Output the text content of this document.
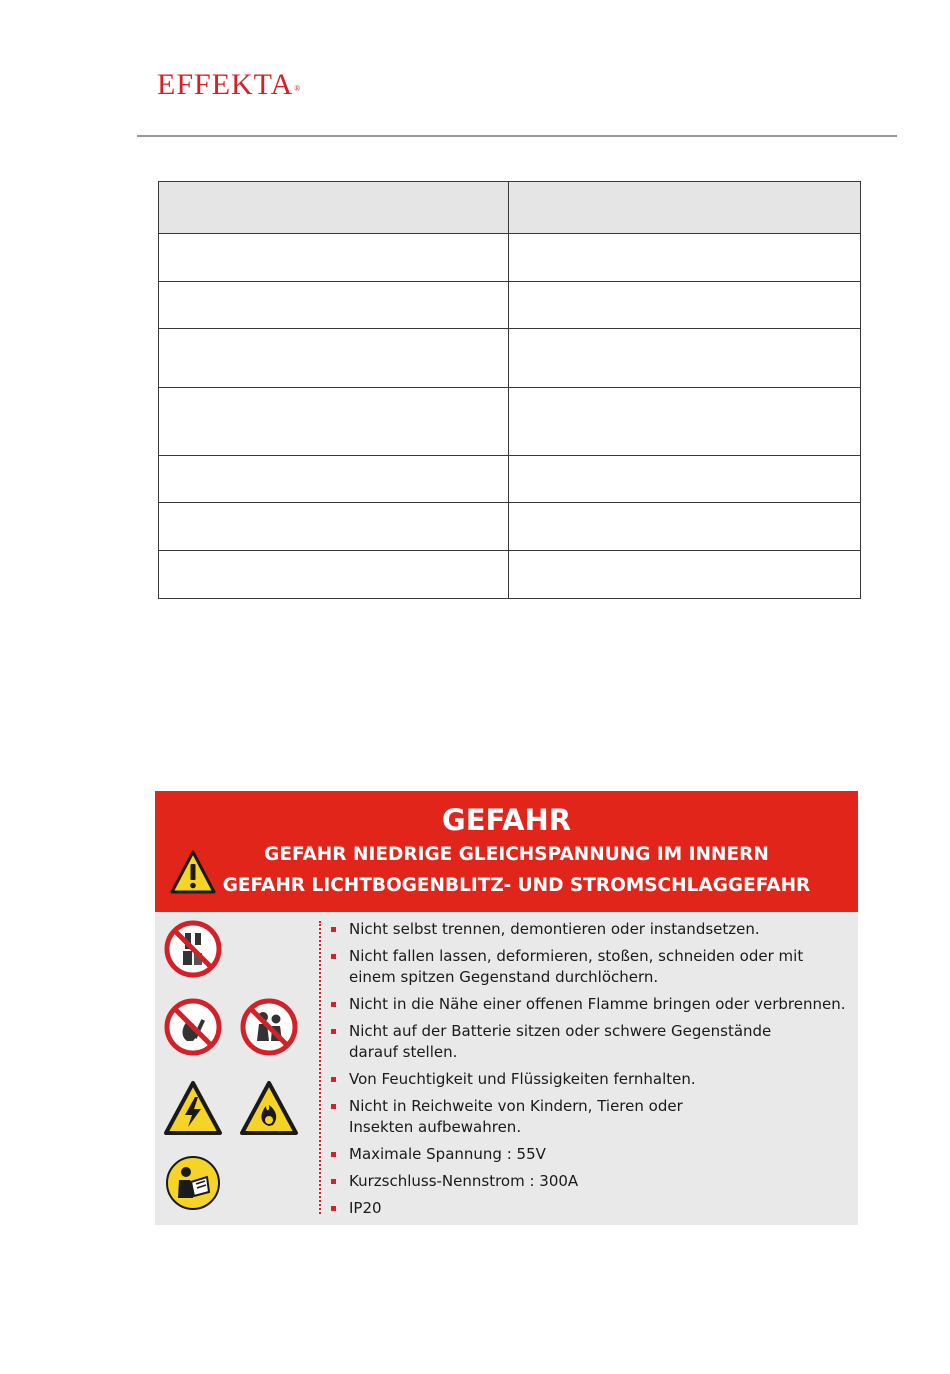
EFFEKTA®

GEFAHR
GEFAHR NIEDRIGE GLEICHSPANNUNG IM INNERN
GEFAHR LICHTBOGENBLITZ- UND STROMSCHLAGGEFAHR
Nicht selbst trennen, demontieren oder instandsetzen.
Nicht fallen lassen, deformieren, stoßen, schneiden oder mit
einem spitzen Gegenstand durchlöchern.
Nicht in die Nähe einer offenen Flamme bringen oder verbrennen.
Nicht auf der Batterie sitzen oder schwere Gegenstände
darauf stellen.
Von Feuchtigkeit und Flüssigkeiten fernhalten.
Nicht in Reichweite von Kindern, Tieren oder
Insekten aufbewahren.
Maximale Spannung : 55V
Kurzschluss-Nennstrom : 300A
IP20
